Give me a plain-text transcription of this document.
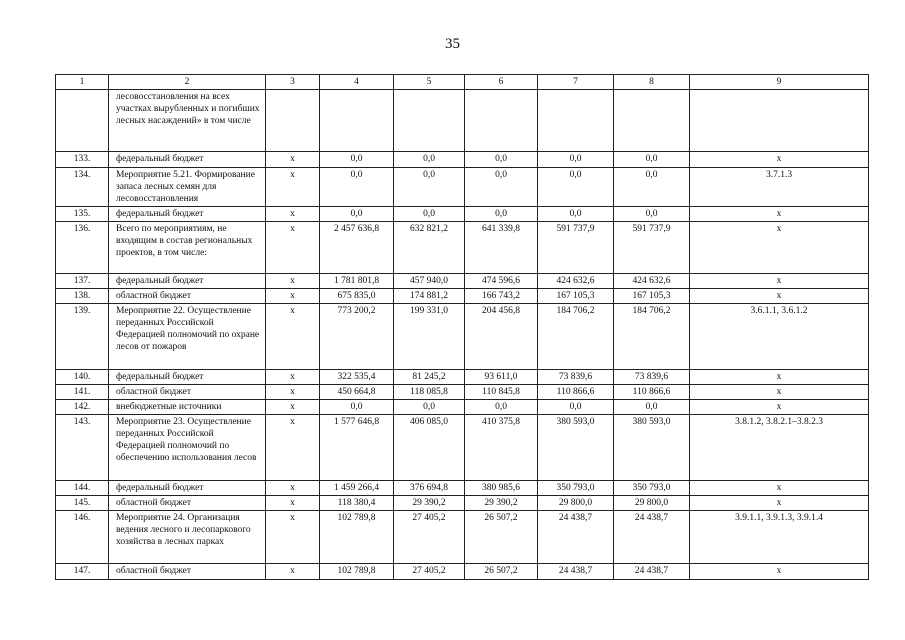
35
1	2	3	4	5	6	7	8	9
	лесовосстановления на всех участках вырубленных и погибших лесных насаждений» в том числе							
133.	федеральный бюджет	х	0,0	0,0	0,0	0,0	0,0	х
134.	Мероприятие 5.21. Формирование запаса лесных семян для лесовосстановления	х	0,0	0,0	0,0	0,0	0,0	3.7.1.3
135.	федеральный бюджет	х	0,0	0,0	0,0	0,0	0,0	х
136.	Всего по мероприятиям, не входящим в состав региональных проектов, в том числе:	х	2 457 636,8	632 821,2	641 339,8	591 737,9	591 737,9	х
137.	федеральный бюджет	х	1 781 801,8	457 940,0	474 596,6	424 632,6	424 632,6	х
138.	областной бюджет	х	675 835,0	174 881,2	166 743,2	167 105,3	167 105,3	х
139.	Мероприятие 22. Осуществление переданных Российской Федерацией полномочий по охране лесов от пожаров	х	773 200,2	199 331,0	204 456,8	184 706,2	184 706,2	3.6.1.1, 3.6.1.2
140.	федеральный бюджет	х	322 535,4	81 245,2	93 611,0	73 839,6	73 839,6	х
141.	областной бюджет	х	450 664,8	118 085,8	110 845,8	110 866,6	110 866,6	х
142.	внебюджетные источники	х	0,0	0,0	0,0	0,0	0,0	х
143.	Мероприятие 23. Осуществление переданных Российской Федерацией полномочий по обеспечению использования лесов	х	1 577 646,8	406 085,0	410 375,8	380 593,0	380 593,0	3.8.1.2, 3.8.2.1–3.8.2.3
144.	федеральный бюджет	х	1 459 266,4	376 694,8	380 985,6	350 793,0	350 793,0	х
145.	областной бюджет	х	118 380,4	29 390,2	29 390,2	29 800,0	29 800,0	х
146.	Мероприятие 24. Организация ведения лесного и лесопаркового хозяйства в лесных парках	х	102 789,8	27 405,2	26 507,2	24 438,7	24 438,7	3.9.1.1, 3.9.1.3, 3.9.1.4
147.	областной бюджет	х	102 789,8	27 405,2	26 507,2	24 438,7	24 438,7	х
